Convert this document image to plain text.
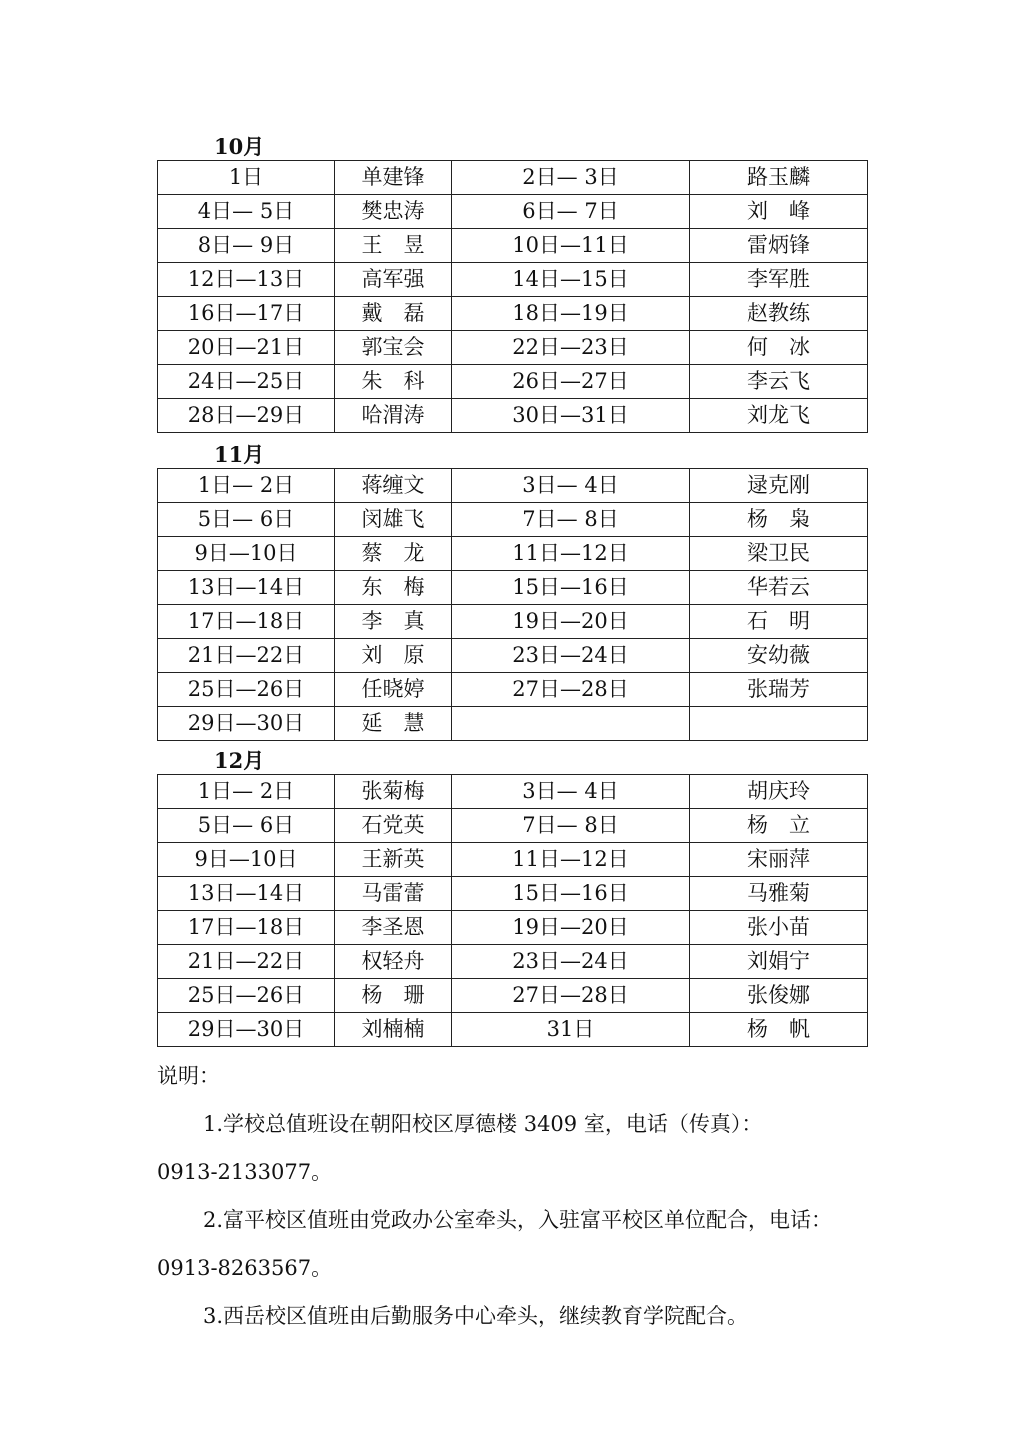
10月
1日	单建锋	2日— 3日	路玉麟
4日— 5日	樊忠涛	6日— 7日	刘　峰
8日— 9日	王　昱	10日—11日	雷炳锋
12日—13日	高军强	14日—15日	李军胜
16日—17日	戴　磊	18日—19日	赵教练
20日—21日	郭宝会	22日—23日	何　冰
24日—25日	朱　科	26日—27日	李云飞
28日—29日	哈渭涛	30日—31日	刘龙飞
11月
1日— 2日	蒋缠文	3日— 4日	逯克刚
5日— 6日	闵雄飞	7日— 8日	杨　枭
9日—10日	蔡　龙	11日—12日	梁卫民
13日—14日	东　梅	15日—16日	华若云
17日—18日	李　真	19日—20日	石　明
21日—22日	刘　原	23日—24日	安幼薇
25日—26日	任晓婷	27日—28日	张瑞芳
29日—30日	延　慧		
12月
1日— 2日	张菊梅	3日— 4日	胡庆玲
5日— 6日	石党英	7日— 8日	杨　立
9日—10日	王新英	11日—12日	宋丽萍
13日—14日	马雷蕾	15日—16日	马雅菊
17日—18日	李圣恩	19日—20日	张小苗
21日—22日	权轻舟	23日—24日	刘娟宁
25日—26日	杨　珊	27日—28日	张俊娜
29日—30日	刘楠楠	31日	杨　帆
说明：
1.学校总值班设在朝阳校区厚德楼 3409 室，电话（传真）：
0913-2133077。
2.富平校区值班由党政办公室牵头，入驻富平校区单位配合，电话：
0913-8263567。
3.西岳校区值班由后勤服务中心牵头，继续教育学院配合。
